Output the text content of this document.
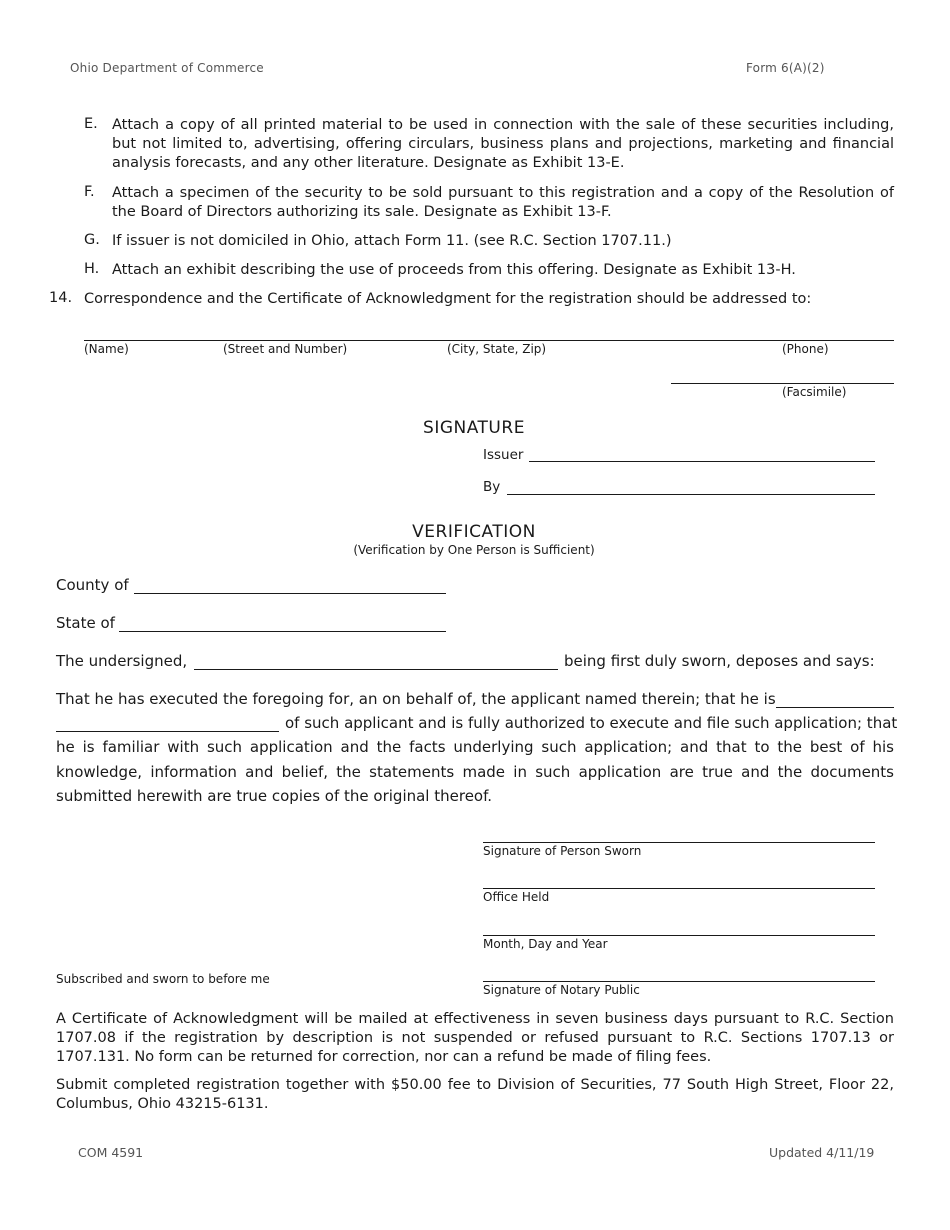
Ohio Department of Commerce	Form 6(A)(2)
E. Attach a copy of all printed material to be used in connection with the sale of these securities including, but not limited to, advertising, offering circulars, business plans and projections, marketing and financial analysis forecasts, and any other literature. Designate as Exhibit 13-E.
F. Attach a specimen of the security to be sold pursuant to this registration and a copy of the Resolution of the Board of Directors authorizing its sale. Designate as Exhibit 13-F.
G. If issuer is not domiciled in Ohio, attach Form 11. (see R.C. Section 1707.11.)
H. Attach an exhibit describing the use of proceeds from this offering. Designate as Exhibit 13-H.
14. Correspondence and the Certificate of Acknowledgment for the registration should be addressed to:
(Name)	(Street and Number)	(City, State, Zip)	(Phone)
(Facsimile)
SIGNATURE
Issuer
By
VERIFICATION
(Verification by One Person is Sufficient)
County of
State of
The undersigned,	being first duly sworn, deposes and says:
That he has executed the foregoing for, an on behalf of, the applicant named therein; that he is
of such applicant and is fully authorized to execute and file such application; that
he is familiar with such application and the facts underlying such application; and that to the best of his knowledge, information and belief, the statements made in such application are true and the documents submitted herewith are true copies of the original thereof.
Signature of Person Sworn
Office Held
Month, Day and Year
Subscribed and sworn to before me
Signature of Notary Public
A Certificate of Acknowledgment will be mailed at effectiveness in seven business days pursuant to R.C. Section 1707.08 if the registration by description is not suspended or refused pursuant to R.C. Sections 1707.13 or 1707.131. No form can be returned for correction, nor can a refund be made of filing fees.
Submit completed registration together with $50.00 fee to Division of Securities, 77 South High Street, Floor 22, Columbus, Ohio 43215-6131.
COM 4591	Updated 4/11/19
